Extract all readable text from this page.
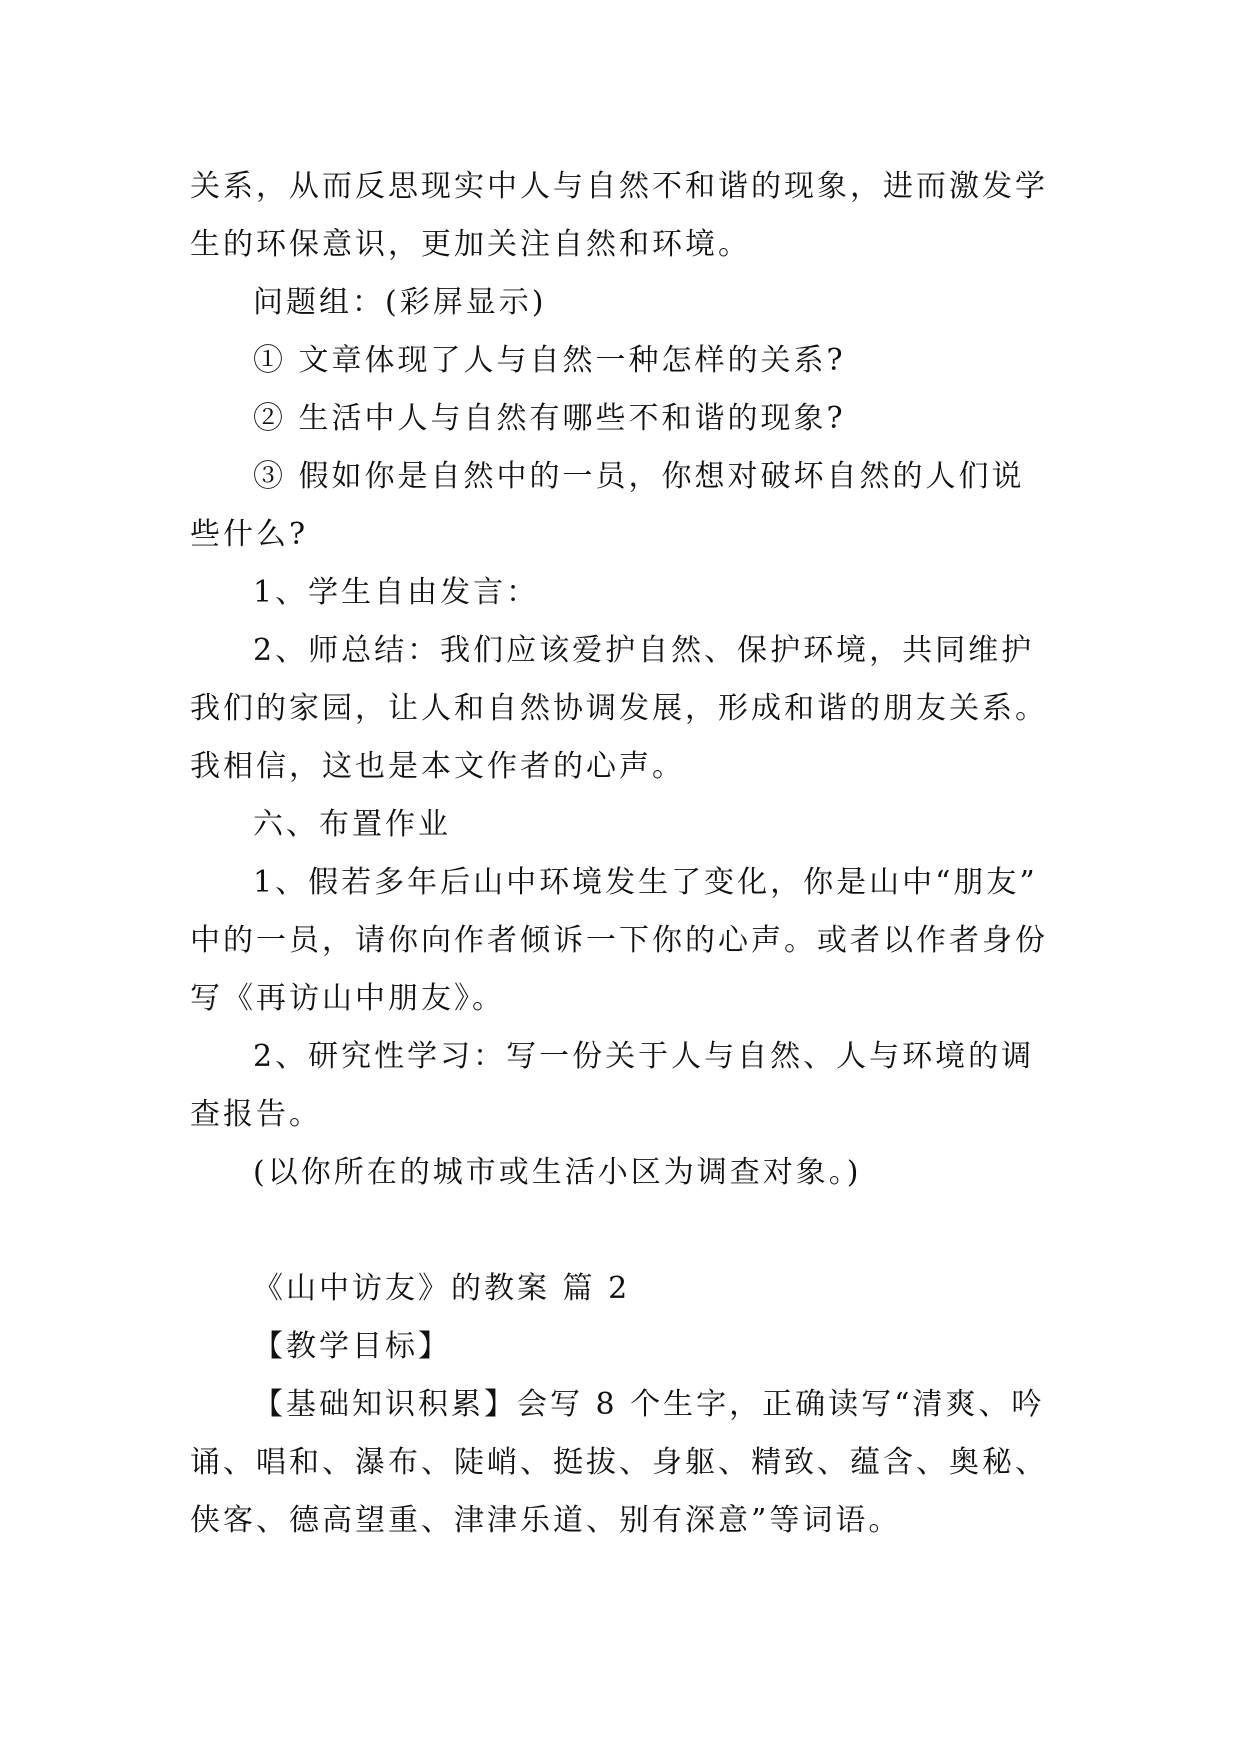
关系，从而反思现实中人与自然不和谐的现象，进而激发学
生的环保意识，更加关注自然和环境。
问题组：(彩屏显示)
① 文章体现了人与自然一种怎样的关系?
② 生活中人与自然有哪些不和谐的现象?
③ 假如你是自然中的一员，你想对破坏自然的人们说
些什么?
1、学生自由发言：
2、师总结：我们应该爱护自然、保护环境，共同维护
我们的家园，让人和自然协调发展，形成和谐的朋友关系。
我相信，这也是本文作者的心声。
六、布置作业
1、假若多年后山中环境发生了变化，你是山中“朋友”
中的一员，请你向作者倾诉一下你的心声。或者以作者身份
写《再访山中朋友》。
2、研究性学习：写一份关于人与自然、人与环境的调
查报告。
(以你所在的城市或生活小区为调查对象。)
《山中访友》的教案 篇 2
【教学目标】
【基础知识积累】会写 8 个生字，正确读写“清爽、吟
诵、唱和、瀑布、陡峭、挺拔、身躯、精致、蕴含、奥秘、
侠客、德高望重、津津乐道、别有深意”等词语。
